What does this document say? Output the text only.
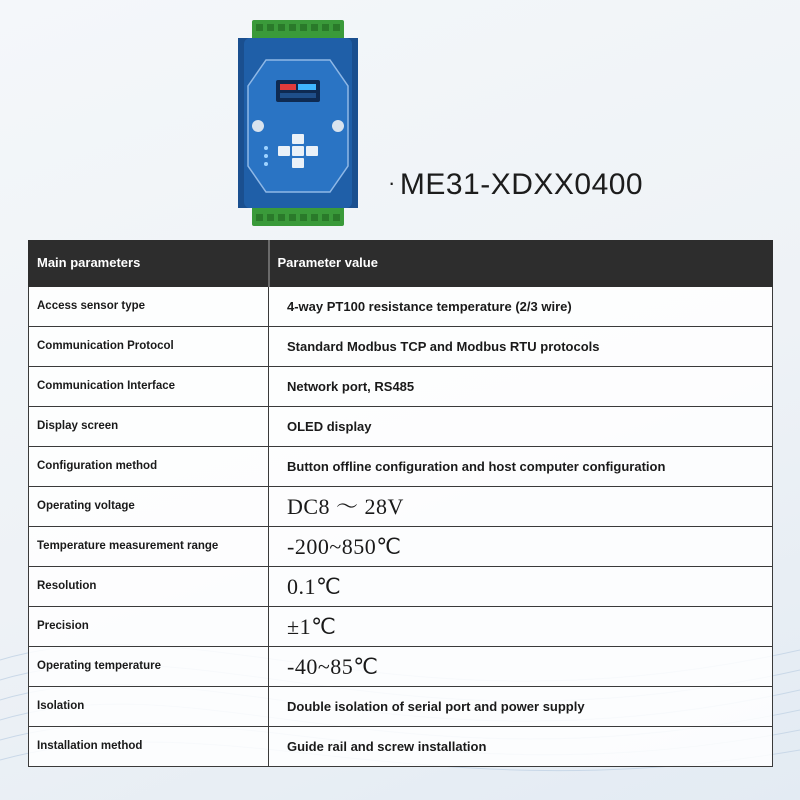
· ME31-XDXX0400
Main parameters	Parameter value
Access sensor type	4-way PT100 resistance temperature (2/3 wire)
Communication Protocol	Standard Modbus TCP and Modbus RTU protocols
Communication Interface	Network port, RS485
Display screen	OLED display
Configuration method	Button offline configuration and host computer configuration
Operating voltage	DC8 ～ 28V
Temperature measurement range	-200~850℃
Resolution	0.1℃
Precision	±1℃
Operating temperature	-40~85℃
Isolation	Double isolation of serial port and power supply
Installation method	Guide rail and screw installation
